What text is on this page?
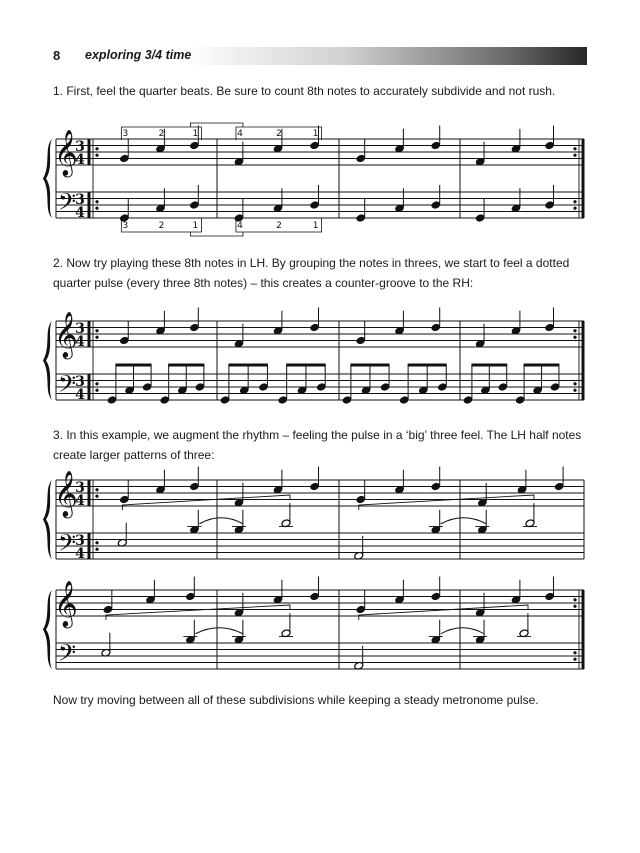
8 exploring 3/4 time

1. First, feel the quarter beats. Be sure to count 8th notes to accurately subdivide and not rush.

2. Now try playing these 8th notes in LH. By grouping the notes in threes, we start to feel a dotted quarter pulse (every three 8th notes) – this creates a counter-groove to the RH:

3. In this example, we augment the rhythm – feeling the pulse in a ‘big’ three feel. The LH half notes create larger patterns of three:

Now try moving between all of these subdivisions while keeping a steady metronome pulse.

𝄞
𝄢
3
4
3
4
3
3
2
2
1
1
4
4
2
2
1
1
𝄞
𝄢
3
4
3
4
𝄞
𝄢
3
4
3
4
𝄞
𝄢
